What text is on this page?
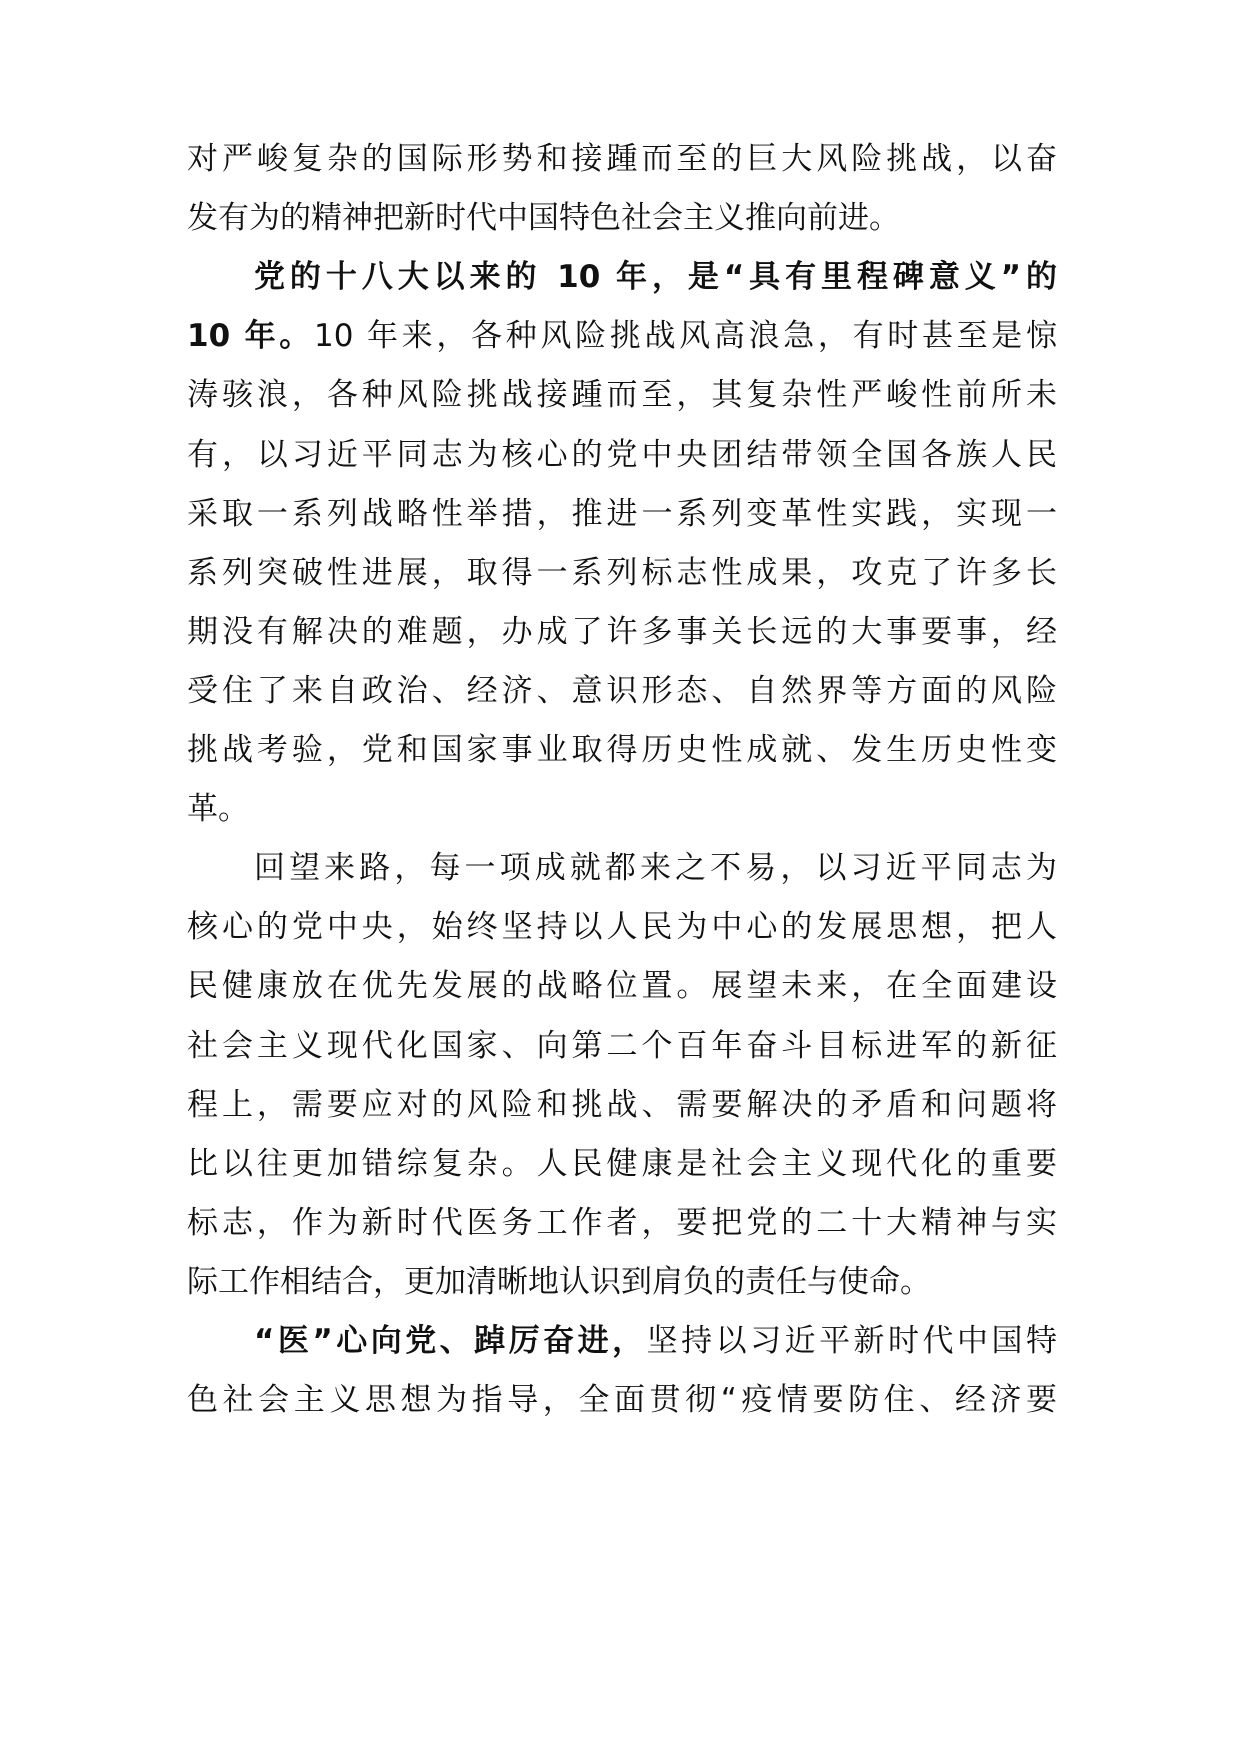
对严峻复杂的国际形势和接踵而至的巨大风险挑战，以奋
发有为的精神把新时代中国特色社会主义推向前进。
党的十八大以来的 10 年，是“具有里程碑意义”的
10 年。10 年来，各种风险挑战风高浪急，有时甚至是惊
涛骇浪，各种风险挑战接踵而至，其复杂性严峻性前所未
有，以习近平同志为核心的党中央团结带领全国各族人民
采取一系列战略性举措，推进一系列变革性实践，实现一
系列突破性进展，取得一系列标志性成果，攻克了许多长
期没有解决的难题，办成了许多事关长远的大事要事，经
受住了来自政治、经济、意识形态、自然界等方面的风险
挑战考验，党和国家事业取得历史性成就、发生历史性变
革。
回望来路，每一项成就都来之不易，以习近平同志为
核心的党中央，始终坚持以人民为中心的发展思想，把人
民健康放在优先发展的战略位置。展望未来，在全面建设
社会主义现代化国家、向第二个百年奋斗目标进军的新征
程上，需要应对的风险和挑战、需要解决的矛盾和问题将
比以往更加错综复杂。人民健康是社会主义现代化的重要
标志，作为新时代医务工作者，要把党的二十大精神与实
际工作相结合，更加清晰地认识到肩负的责任与使命。
“医”心向党、踔厉奋进，坚持以习近平新时代中国特
色社会主义思想为指导，全面贯彻“疫情要防住、经济要
